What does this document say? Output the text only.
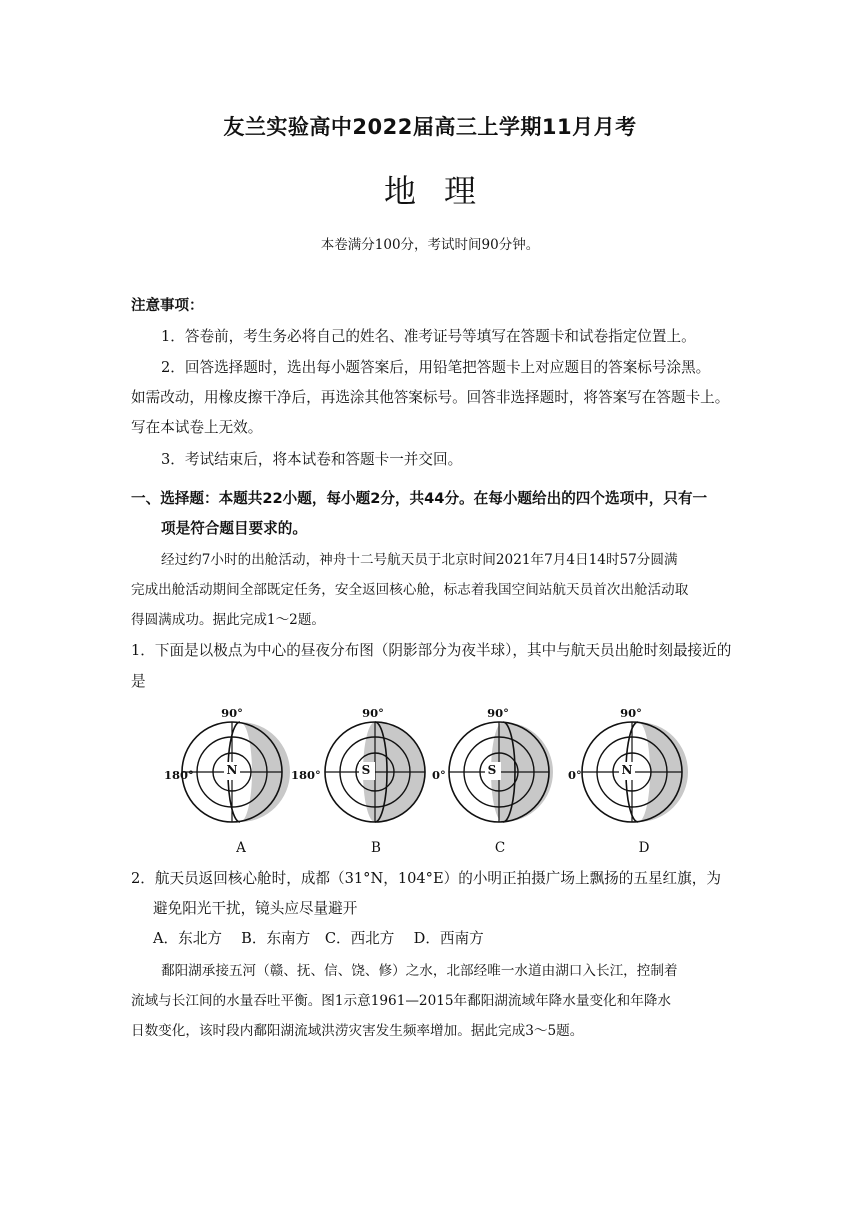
友兰实验高中2022届高三上学期11月月考
地 理
本卷满分100分，考试时间90分钟。
注意事项：
1．答卷前，考生务必将自己的姓名、准考证号等填写在答题卡和试卷指定位置上。
2．回答选择题时，选出每小题答案后，用铅笔把答题卡上对应题目的答案标号涂黑。
如需改动，用橡皮擦干净后，再选涂其他答案标号。回答非选择题时，将答案写在答题卡上。
写在本试卷上无效。
3．考试结束后，将本试卷和答题卡一并交回。
一、选择题：本题共22小题，每小题2分，共44分。在每小题给出的四个选项中，只有一
项是符合题目要求的。
经过约7小时的出舱活动，神舟十二号航天员于北京时间2021年7月4日14时57分圆满
完成出舱活动期间全部既定任务，安全返回核心舱，标志着我国空间站航天员首次出舱活动取
得圆满成功。据此完成1～2题。
1．下面是以极点为中心的昼夜分布图（阴影部分为夜半球），其中与航天员出舱时刻最接近的
是
90°
180°	N
A
90°
180°	S
B
90°
0°	S
C
90°
0°	N
D
2．航天员返回核心舱时，成都（31°N，104°E）的小明正拍摄广场上飘扬的五星红旗，为
避免阳光干扰，镜头应尽量避开
A．东北方　 B．东南方　C．西北方　 D．西南方
鄱阳湖承接五河（赣、抚、信、饶、修）之水，北部经唯一水道由湖口入长江，控制着
流域与长江间的水量吞吐平衡。图1示意1961—2015年鄱阳湖流域年降水量变化和年降水
日数变化，该时段内鄱阳湖流域洪涝灾害发生频率增加。据此完成3～5题。
